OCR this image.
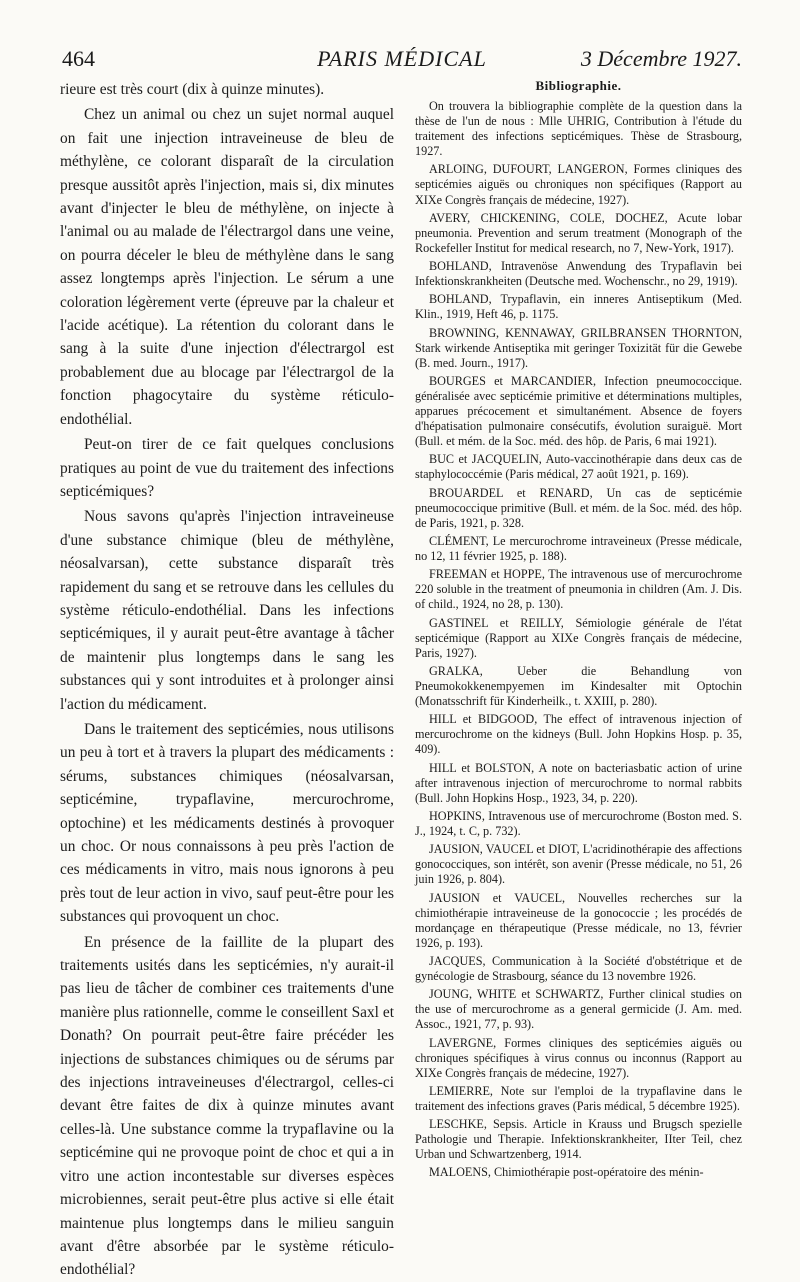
464	PARIS MÉDICAL	3 Décembre 1927.

rieure est très court (dix à quinze minutes).

Chez un animal ou chez un sujet normal auquel on fait une injection intraveineuse de bleu de méthylène, ce colorant disparaît de la circulation presque aussitôt après l'injection, mais si, dix minutes avant d'injecter le bleu de méthylène, on injecte à l'animal ou au malade de l'électrargol dans une veine, on pourra déceler le bleu de méthylène dans le sang assez longtemps après l'injection. Le sérum a une coloration légèrement verte (épreuve par la chaleur et l'acide acétique). La rétention du colorant dans le sang à la suite d'une injection d'électrargol est probablement due au blocage par l'électrargol de la fonction phagocytaire du système réticulo-endothélial.

Peut-on tirer de ce fait quelques conclusions pratiques au point de vue du traitement des infections septicémiques?

Nous savons qu'après l'injection intraveineuse d'une substance chimique (bleu de méthylène, néosalvarsan), cette substance disparaît très rapidement du sang et se retrouve dans les cellules du système réticulo-endothélial. Dans les infections septicémiques, il y aurait peut-être avantage à tâcher de maintenir plus longtemps dans le sang les substances qui y sont introduites et à prolonger ainsi l'action du médicament.

Dans le traitement des septicémies, nous utilisons un peu à tort et à travers la plupart des médicaments : sérums, substances chimiques (néosalvarsan, septicémine, trypaflavine, mercurochrome, optochine) et les médicaments destinés à provoquer un choc. Or nous connaissons à peu près l'action de ces médicaments in vitro, mais nous ignorons à peu près tout de leur action in vivo, sauf peut-être pour les substances qui provoquent un choc.

En présence de la faillite de la plupart des traitements usités dans les septicémies, n'y aurait-il pas lieu de tâcher de combiner ces traitements d'une manière plus rationnelle, comme le conseillent Saxl et Donath? On pourrait peut-être faire précéder les injections de substances chimiques ou de sérums par des injections intraveineuses d'électrargol, celles-ci devant être faites de dix à quinze minutes avant celles-là. Une substance comme la trypaflavine ou la septicémine qui ne provoque point de choc et qui a in vitro une action incontestable sur diverses espèces microbiennes, serait peut-être plus active si elle était maintenue plus longtemps dans le milieu sanguin avant d'être absorbée par le système réticulo-endothélial?

Bibliographie.

On trouvera la bibliographie complète de la question dans la thèse de l'un de nous : Mlle UHRIG, Contribution à l'étude du traitement des infections septicémiques. Thèse de Strasbourg, 1927.

ARLOING, DUFOURT, LANGERON, Formes cliniques des septicémies aiguës ou chroniques non spécifiques (Rapport au XIXe Congrès français de médecine, 1927).

AVERY, CHICKENING, COLE, DOCHEZ, Acute lobar pneumonia. Prevention and serum treatment (Monograph of the Rockefeller Institut for medical research, no 7, New-York, 1917).

BOHLAND, Intravenöse Anwendung des Trypaflavin bei Infektionskrankheiten (Deutsche med. Wochenschr., no 29, 1919).

BOHLAND, Trypaflavin, ein inneres Antiseptikum (Med. Klin., 1919, Heft 46, p. 1175.

BROWNING, KENNAWAY, GRILBRANSEN THORNTON, Stark wirkende Antiseptika mit geringer Toxizität für die Gewebe (B. med. Journ., 1917).

BOURGES et MARCANDIER, Infection pneumococcique. généralisée avec septicémie primitive et déterminations multiples, apparues précocement et simultanément. Absence de foyers d'hépatisation pulmonaire consécutifs, évolution suraiguë. Mort (Bull. et mém. de la Soc. méd. des hôp. de Paris, 6 mai 1921).

BUC et JACQUELIN, Auto-vaccinothérapie dans deux cas de staphylococcémie (Paris médical, 27 août 1921, p. 169).

BROUARDEL et RENARD, Un cas de septicémie pneumococcique primitive (Bull. et mém. de la Soc. méd. des hôp. de Paris, 1921, p. 328.

CLÉMENT, Le mercurochrome intraveineux (Presse médicale, no 12, 11 février 1925, p. 188).

FREEMAN et HOPPE, The intravenous use of mercurochrome 220 soluble in the treatment of pneumonia in children (Am. J. Dis. of child., 1924, no 28, p. 130).

GASTINEL et REILLY, Sémiologie générale de l'état septicémique (Rapport au XIXe Congrès français de médecine, Paris, 1927).

GRALKA, Ueber die Behandlung von Pneumokokkenempyemen im Kindesalter mit Optochin (Monatsschrift für Kinderheilk., t. XXIII, p. 280).

HILL et BIDGOOD, The effect of intravenous injection of mercurochrome on the kidneys (Bull. John Hopkins Hosp. p. 35, 409).

HILL et BOLSTON, A note on bacteriasbatic action of urine after intravenous injection of mercurochrome to normal rabbits (Bull. John Hopkins Hosp., 1923, 34, p. 220).

HOPKINS, Intravenous use of mercurochrome (Boston med. S. J., 1924, t. C, p. 732).

JAUSION, VAUCEL et DIOT, L'acridinothérapie des affections gonococciques, son intérêt, son avenir (Presse médicale, no 51, 26 juin 1926, p. 804).

JAUSION et VAUCEL, Nouvelles recherches sur la chimiothérapie intraveineuse de la gonococcie ; les procédés de mordançage en thérapeutique (Presse médicale, no 13, février 1926, p. 193).

JACQUES, Communication à la Société d'obstétrique et de gynécologie de Strasbourg, séance du 13 novembre 1926.

JOUNG, WHITE et SCHWARTZ, Further clinical studies on the use of mercurochrome as a general germicide (J. Am. med. Assoc., 1921, 77, p. 93).

LAVERGNE, Formes cliniques des septicémies aiguës ou chroniques spécifiques à virus connus ou inconnus (Rapport au XIXe Congrès français de médecine, 1927).

LEMIERRE, Note sur l'emploi de la trypaflavine dans le traitement des infections graves (Paris médical, 5 décembre 1925).

LESCHKE, Sepsis. Article in Krauss und Brugsch spezielle Pathologie und Therapie. Infektionskrankheiter, IIter Teil, chez Urban und Schwartzenberg, 1914.

MALOENS, Chimiothérapie post-opératoire des ménin-
